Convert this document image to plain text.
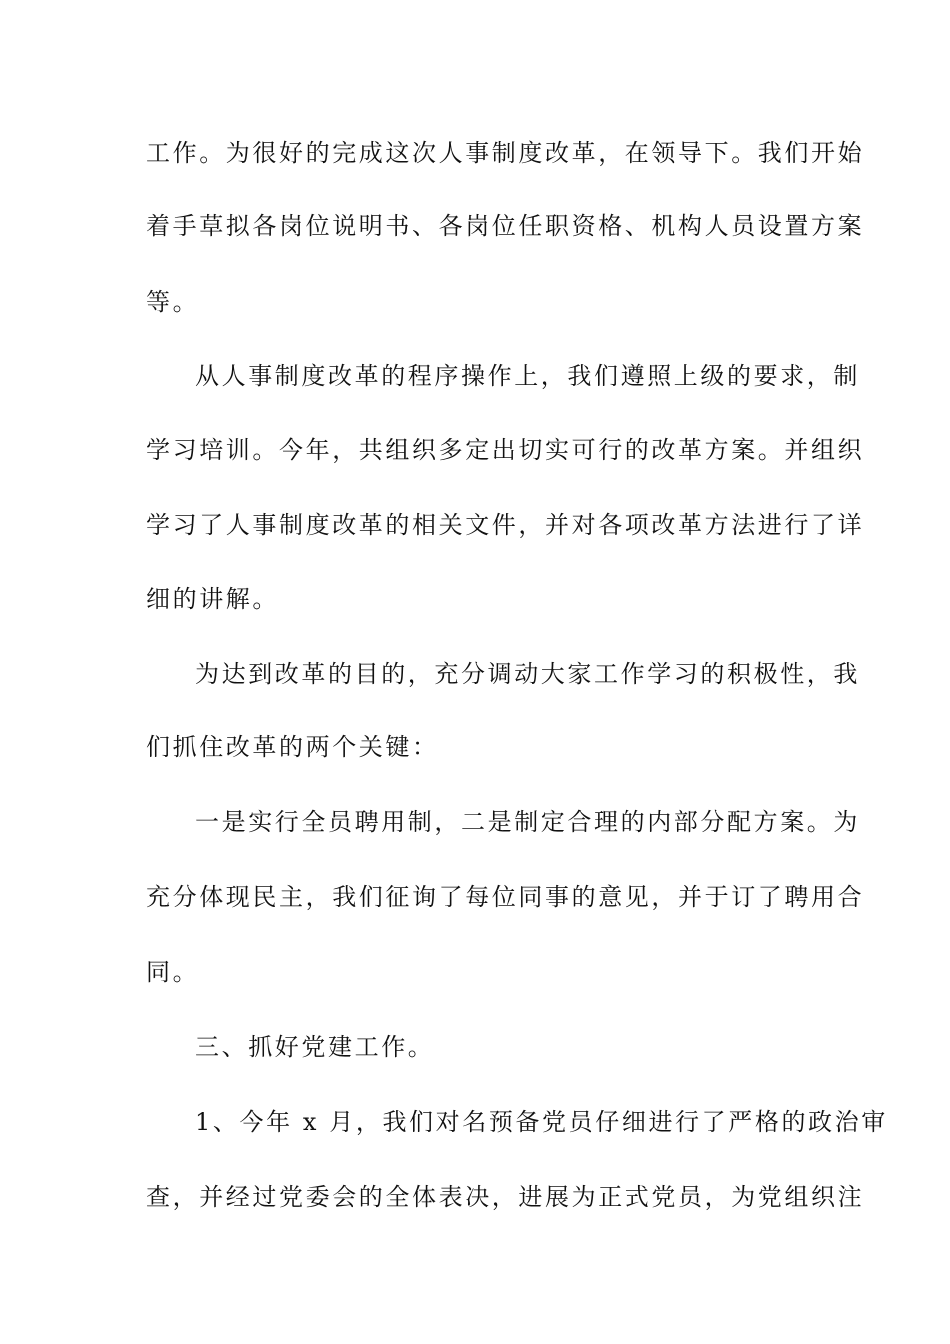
工作。为很好的完成这次人事制度改革，在领导下。我们开始
着手草拟各岗位说明书、各岗位任职资格、机构人员设置方案
等。
从人事制度改革的程序操作上，我们遵照上级的要求，制
学习培训。今年，共组织多定出切实可行的改革方案。并组织
学习了人事制度改革的相关文件，并对各项改革方法进行了详
细的讲解。
为达到改革的目的，充分调动大家工作学习的积极性，我
们抓住改革的两个关键：
一是实行全员聘用制，二是制定合理的内部分配方案。为
充分体现民主，我们征询了每位同事的意见，并于订了聘用合
同。
三、抓好党建工作。
1、今年 x 月，我们对名预备党员仔细进行了严格的政治审
查，并经过党委会的全体表决，进展为正式党员，为党组织注
